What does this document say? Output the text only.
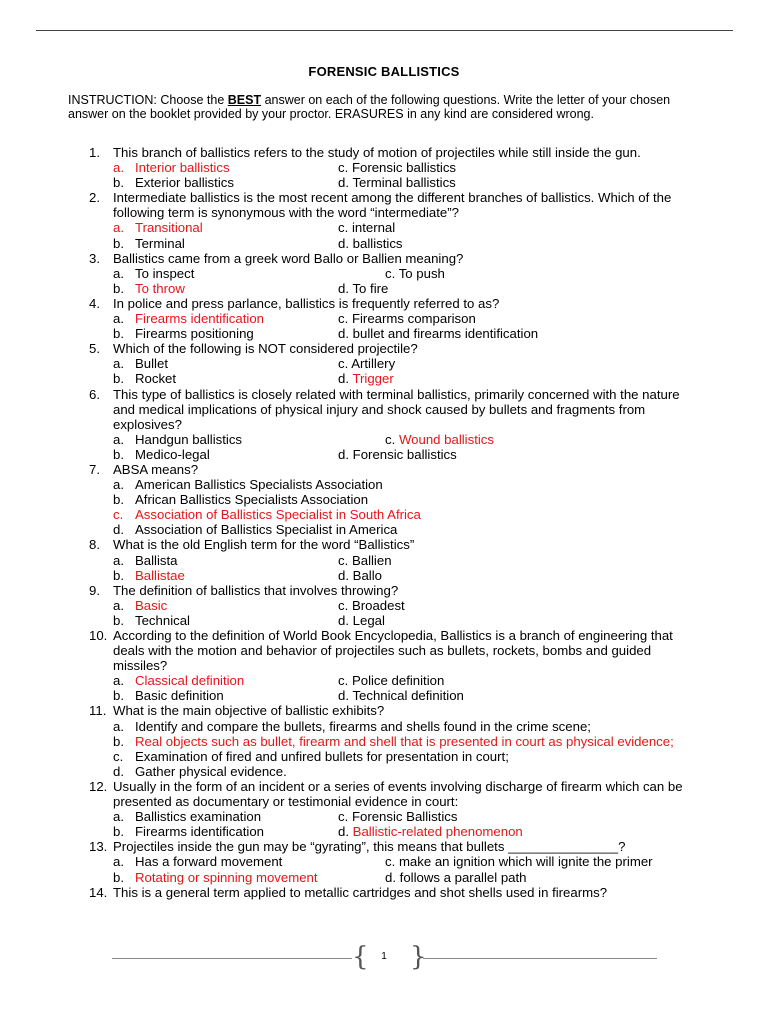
FORENSIC BALLISTICS
INSTRUCTION: Choose the BEST answer on each of the following questions. Write the letter of your chosen answer on the booklet provided by your proctor. ERASURES in any kind are considered wrong.
1. This branch of ballistics refers to the study of motion of projectiles while still inside the gun.
a. Interior ballistics	c. Forensic ballistics
b. Exterior ballistics	d. Terminal ballistics
2. Intermediate ballistics is the most recent among the different branches of ballistics. Which of the following term is synonymous with the word “intermediate”?
a. Transitional	c. internal
b. Terminal	d. ballistics
3. Ballistics came from a greek word Ballo or Ballien meaning?
a. To inspect	c. To push
b. To throw	d. To fire
4. In police and press parlance, ballistics is frequently referred to as?
a. Firearms identification	c. Firearms comparison
b. Firearms positioning	d. bullet and firearms identification
5. Which of the following is NOT considered projectile?
a. Bullet	c. Artillery
b. Rocket	d. Trigger
6. This type of ballistics is closely related with terminal ballistics, primarily concerned with the nature and medical implications of physical injury and shock caused by bullets and fragments from explosives?
a. Handgun ballistics	c. Wound ballistics
b. Medico-legal	d. Forensic ballistics
7. ABSA means?
a. American Ballistics Specialists Association
b. African Ballistics Specialists Association
c. Association of Ballistics Specialist in South Africa
d. Association of Ballistics Specialist in America
8. What is the old English term for the word “Ballistics”
a. Ballista	c. Ballien
b. Ballistae	d. Ballo
9. The definition of ballistics that involves throwing?
a. Basic	c. Broadest
b. Technical	d. Legal
10. According to the definition of World Book Encyclopedia, Ballistics is a branch of engineering that deals with the motion and behavior of projectiles such as bullets, rockets, bombs and guided missiles?
a. Classical definition	c. Police definition
b. Basic definition	d. Technical definition
11. What is the main objective of ballistic exhibits?
a. Identify and compare the bullets, firearms and shells found in the crime scene;
b. Real objects such as bullet, firearm and shell that is presented in court as physical evidence;
c. Examination of fired and unfired bullets for presentation in court;
d. Gather physical evidence.
12. Usually in the form of an incident or a series of events involving discharge of firearm which can be presented as documentary or testimonial evidence in court:
a. Ballistics examination	c. Forensic Ballistics
b. Firearms identification	d. Ballistic-related phenomenon
13. Projectiles inside the gun may be “gyrating”, this means that bullets _______________?
a. Has a forward movement	c. make an ignition which will ignite the primer
b. Rotating or spinning movement	d. follows a parallel path
14. This is a general term applied to metallic cartridges and shot shells used in firearms?
{	1 }
